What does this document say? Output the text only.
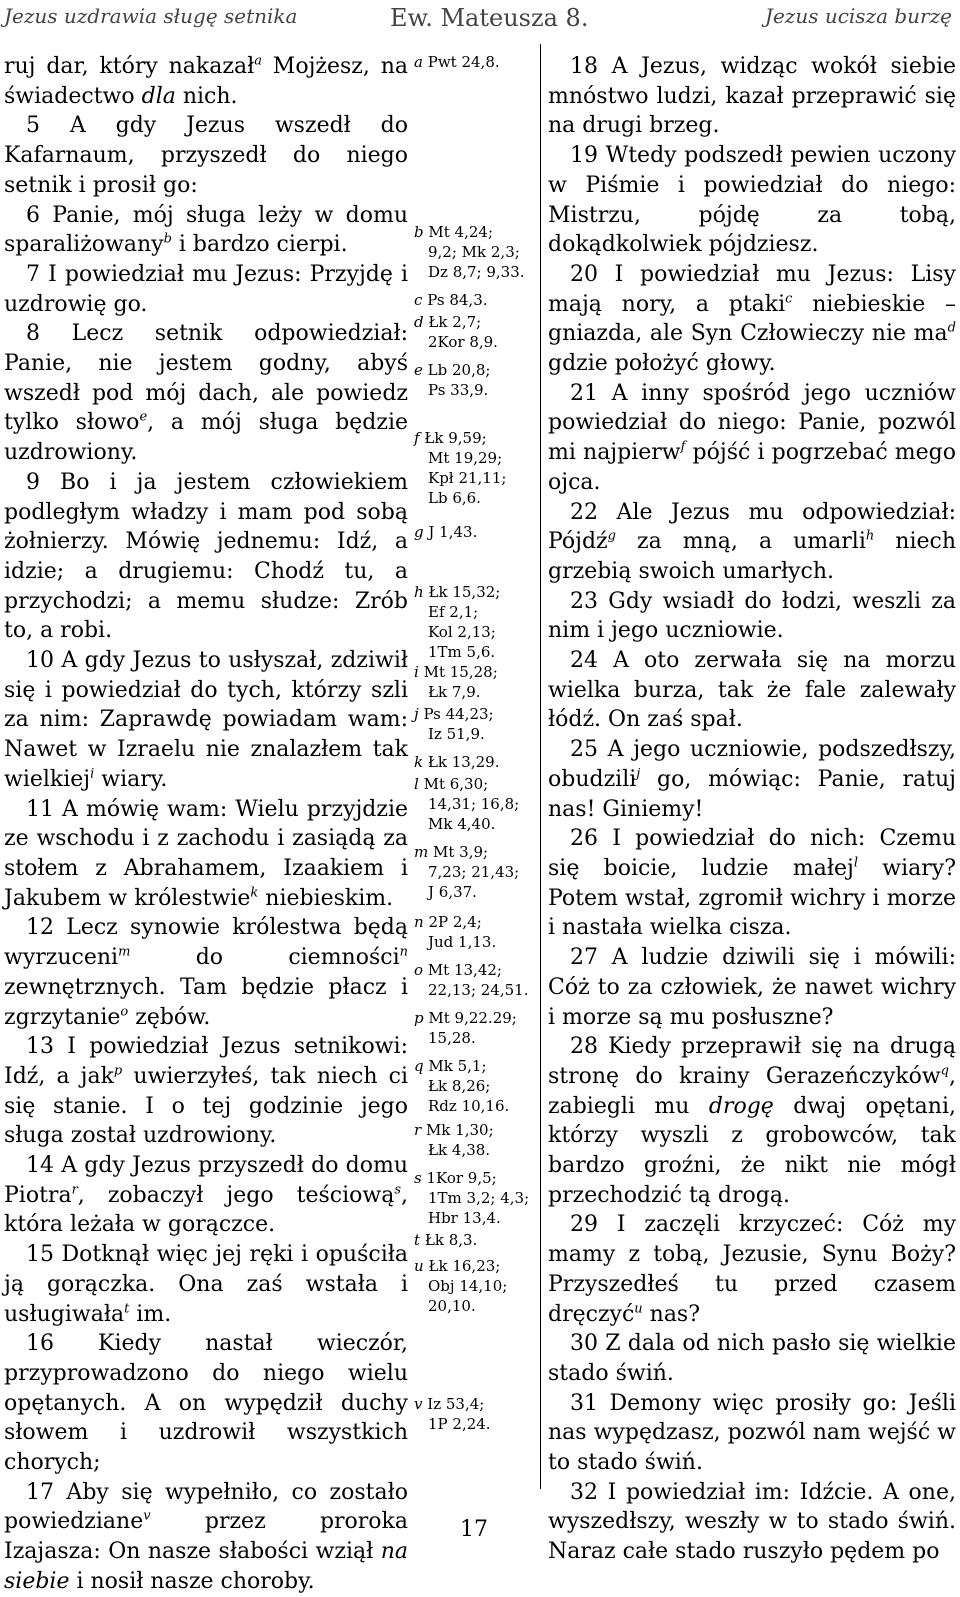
Jezus uzdrawia sługę setnika	Ew. Mateusza 8.	Jezus ucisza burzę

ruj dar, który nakazał$^a$ Mojżesz, na świadectwo dla nich.

5 A gdy Jezus wszedł do Kafarnaum, przyszedł do niego setnik i prosił go:

6 Panie, mój sługa leży w domu sparaliżowany$^b$ i bardzo cierpi.

7 I powiedział mu Jezus: Przyjdę i uzdrowię go.

8 Lecz setnik odpowiedział: Panie, nie jestem godny, abyś wszedł pod mój dach, ale powiedz tylko słowo$^e$, a mój sługa będzie uzdrowiony.

9 Bo i ja jestem człowiekiem podległym władzy i mam pod sobą żołnierzy. Mówię jednemu: Idź, a idzie; a drugiemu: Chodź tu, a przychodzi; a memu słudze: Zrób to, a robi.

10 A gdy Jezus to usłyszał, zdziwił się i powiedział do tych, którzy szli za nim: Zaprawdę powiadam wam: Nawet w Izraelu nie znalazłem tak wielkiej$^i$ wiary.

11 A mówię wam: Wielu przyjdzie ze wschodu i z zachodu i zasiądą za stołem z Abrahamem, Izaakiem i Jakubem w królestwie$^k$ niebieskim.

12 Lecz synowie królestwa będą wyrzuceni$^m$ do ciemności$^n$ zewnętrznych. Tam będzie płacz i zgrzytanie$^o$ zębów.

13 I powiedział Jezus setnikowi: Idź, a jak$^p$ uwierzyłeś, tak niech ci się stanie. I o tej godzinie jego sługa został uzdrowiony.

14 A gdy Jezus przyszedł do domu Piotra$^r$, zobaczył jego teściową$^s$, która leżała w gorączce.

15 Dotknął więc jej ręki i opuściła ją gorączka. Ona zaś wstała i usługiwała$^t$ im.

16 Kiedy nastał wieczór, przyprowadzono do niego wielu opętanych. A on wypędził duchy słowem i uzdrowił wszystkich chorych;

17 Aby się wypełniło, co zostało powiedziane$^v$ przez proroka Izajasza: On nasze słabości wziął na siebie i nosił nasze choroby.

a Pwt 24,8.
b Mt 4,24;
9,2; Mk 2,3;
Dz 8,7; 9,33.
c Ps 84,3.
d Łk 2,7;
2Kor 8,9.
e Lb 20,8;
Ps 33,9.
f Łk 9,59;
Mt 19,29;
Kpł 21,11;
Lb 6,6.
g J 1,43.
h Łk 15,32;
Ef 2,1;
Kol 2,13;
1Tm 5,6.
i Mt 15,28;
Łk 7,9.
j Ps 44,23;
Iz 51,9.
k Łk 13,29.
l Mt 6,30;
14,31; 16,8;
Mk 4,40.
m Mt 3,9;
7,23; 21,43;
J 6,37.
n 2P 2,4;
Jud 1,13.
o Mt 13,42;
22,13; 24,51.
p Mt 9,22.29;
15,28.
q Mk 5,1;
Łk 8,26;
Rdz 10,16.
r Mk 1,30;
Łk 4,38.
s 1Kor 9,5;
1Tm 3,2; 4,3;
Hbr 13,4.
t Łk 8,3.
u Łk 16,23;
Obj 14,10;
20,10.
v Iz 53,4;
1P 2,24.

18 A Jezus, widząc wokół siebie mnóstwo ludzi, kazał przeprawić się na drugi brzeg.

19 Wtedy podszedł pewien uczony w Piśmie i powiedział do niego: Mistrzu, pójdę za tobą, dokądkolwiek pójdziesz.

20 I powiedział mu Jezus: Lisy mają nory, a ptaki$^c$ niebieskie – gniazda, ale Syn Człowieczy nie $ma^d$ gdzie położyć głowy.

21 A inny spośród jego uczniów powiedział do niego: Panie, pozwól mi najpierw$^f$ pójść i pogrzebać mego ojca.

22 Ale Jezus mu odpowiedział: Pójdź$^g$ za mną, a umarli$^h$ niech grzebią swoich umarłych.

23 Gdy wsiadł do łodzi, weszli za nim i jego uczniowie.

24 A oto zerwała się na morzu wielka burza, tak że fale zalewały łódź. On zaś spał.

25 A jego uczniowie, podszedłszy, obudzili$^j$ go, mówiąc: Panie, ratuj nas! Giniemy!

26 I powiedział do nich: Czemu się boicie, ludzie małej$^l$ wiary? Potem wstał, zgromił wichry i morze i nastała wielka cisza.

27 A ludzie dziwili się i mówili: Cóż to za człowiek, że nawet wichry i morze są mu posłuszne?

28 Kiedy przeprawił się na drugą stronę do krainy Gerazeńczyków$^q$, zabiegli mu drogę dwaj opętani, którzy wyszli z grobowców, tak bardzo groźni, że nikt nie mógł przechodzić tą drogą.

29 I zaczęli krzyczeć: Cóż my mamy z tobą, Jezusie, Synu Boży? Przyszedłeś tu przed czasem dręczyć$^u$ nas?

30 Z dala od nich pasło się wielkie stado świń.

31 Demony więc prosiły go: Jeśli nas wypędzasz, pozwól nam wejść w to stado świń.

32 I powiedział im: Idźcie. A one, wyszedłszy, weszły w to stado świń. Naraz całe stado ruszyło pędem po

17
